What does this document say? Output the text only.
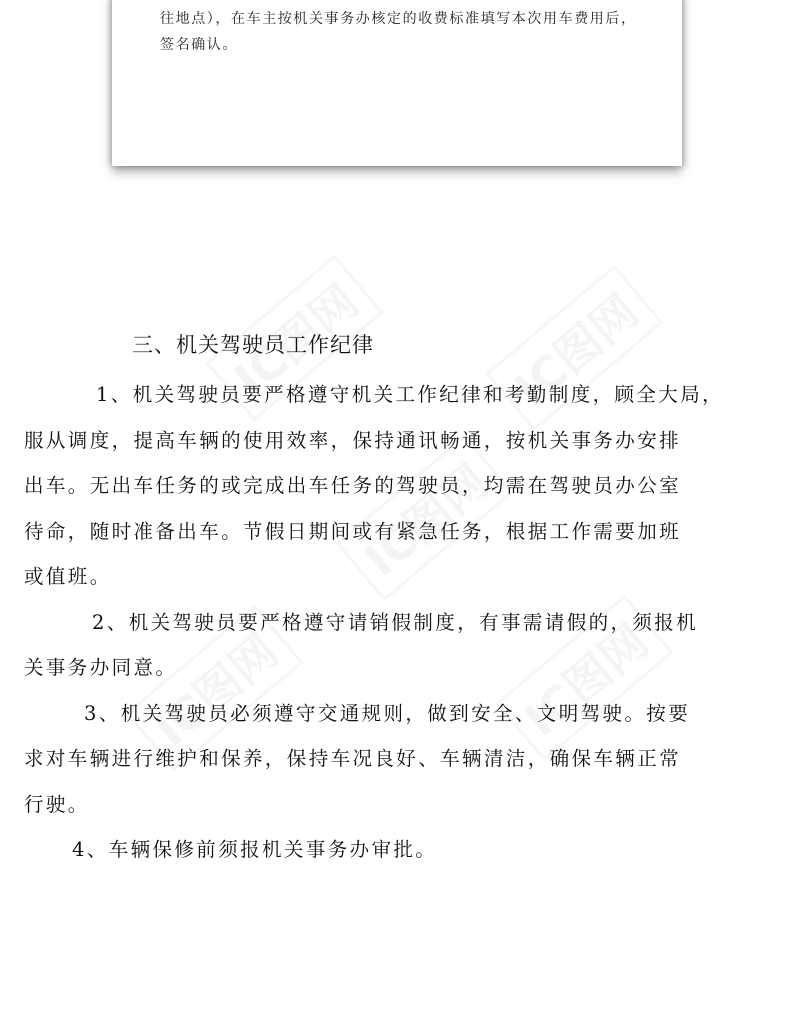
往地点），在车主按机关事务办核定的收费标准填写本次用车费用后，
签名确认。
三、机关驾驶员工作纪律
1、机关驾驶员要严格遵守机关工作纪律和考勤制度，顾全大局，
服从调度，提高车辆的使用效率，保持通讯畅通，按机关事务办安排
出车。无出车任务的或完成出车任务的驾驶员，均需在驾驶员办公室
待命，随时准备出车。节假日期间或有紧急任务，根据工作需要加班
或值班。
2、机关驾驶员要严格遵守请销假制度，有事需请假的，须报机
关事务办同意。
3、机关驾驶员必须遵守交通规则，做到安全、文明驾驶。按要
求对车辆进行维护和保养，保持车况良好、车辆清洁，确保车辆正常
行驶。
4、车辆保修前须报机关事务办审批。
